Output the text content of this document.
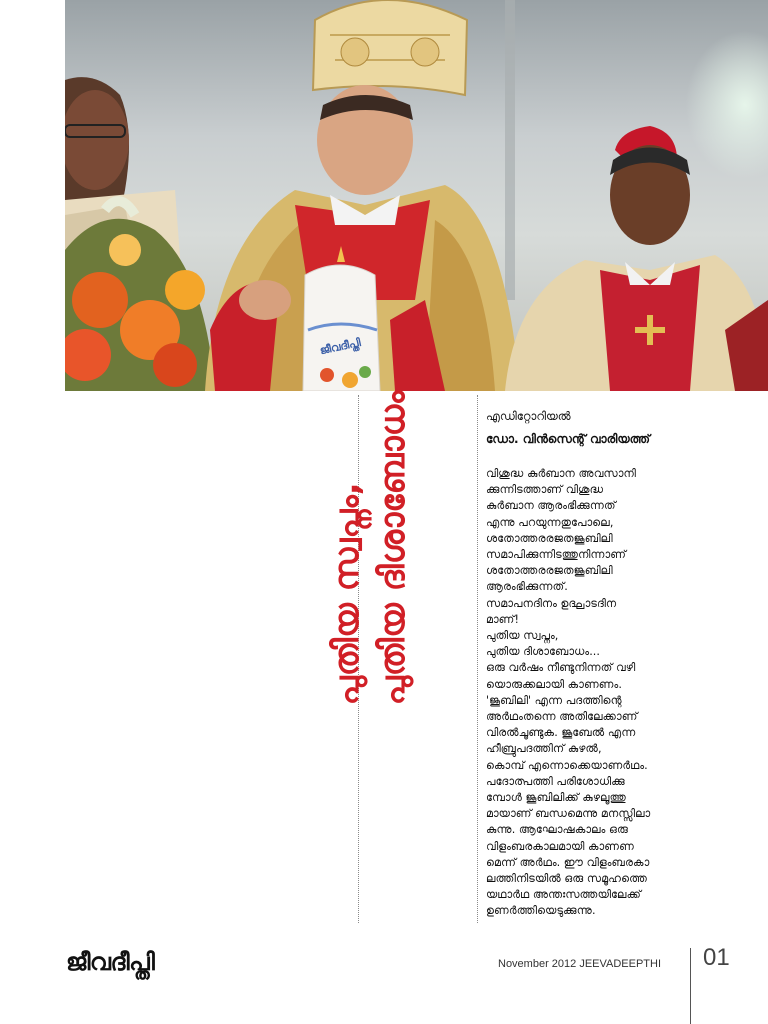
ജീവദീപ്തി
പുതിയ സ്വപ്നം, പുതിയ ദിശാബോധം	എഡിറ്റോറിയൽ
ഡോ. വിൻസെന്റ് വാരിയത്ത്
വിശുദ്ധ കുർബാന അവസാനി
ക്കുന്നിടത്താണ് വിശുദ്ധ
കുർബാന ആരംഭിക്കുന്നത്
എന്നു പറയുന്നതുപോലെ,
ശതോത്തരരജതജൂബിലി
സമാപിക്കുന്നിടത്തുനിന്നാണ്
ശതോത്തരരജതജൂബിലി
ആരംഭിക്കുന്നത്.
സമാപനദിനം ഉദ്ഘാടദിന
മാണ്!
പുതിയ സ്വപ്നം,
പുതിയ ദിശാബോധം...
ഒരു വർഷം നീണ്ടുനിന്നത് വഴി
യൊരുക്കലായി കാണണം.
'ജൂബിലി' എന്ന പദത്തിന്റെ
അർഥംതന്നെ അതിലേക്കാണ്
വിരൽചൂണ്ടുക. ജൂബേൽ എന്ന
ഹീബ്രുപദത്തിന് കുഴൽ,
കൊമ്പ് എന്നൊക്കെയാണർഥം.
പദോത്പത്തി പരിശോധിക്കു
മ്പോൾ ജൂബിലിക്ക് കുഴലൂത്തു
മായാണ് ബന്ധമെന്നു മനസ്സിലാ
കുന്നു. ആഘോഷകാലം ഒരു
വിളംബരകാലമായി കാണണ
മെന്ന് അർഥം. ഈ വിളംബരകാ
ലത്തിനിടയിൽ ഒരു സമൂഹത്തെ
യഥാർഥ അന്തഃസത്തയിലേക്ക്
ഉണർത്തിയെടുക്കുന്നു.
ജീവദീപ്തി	November 2012 JEEVADEEPTHI 01
